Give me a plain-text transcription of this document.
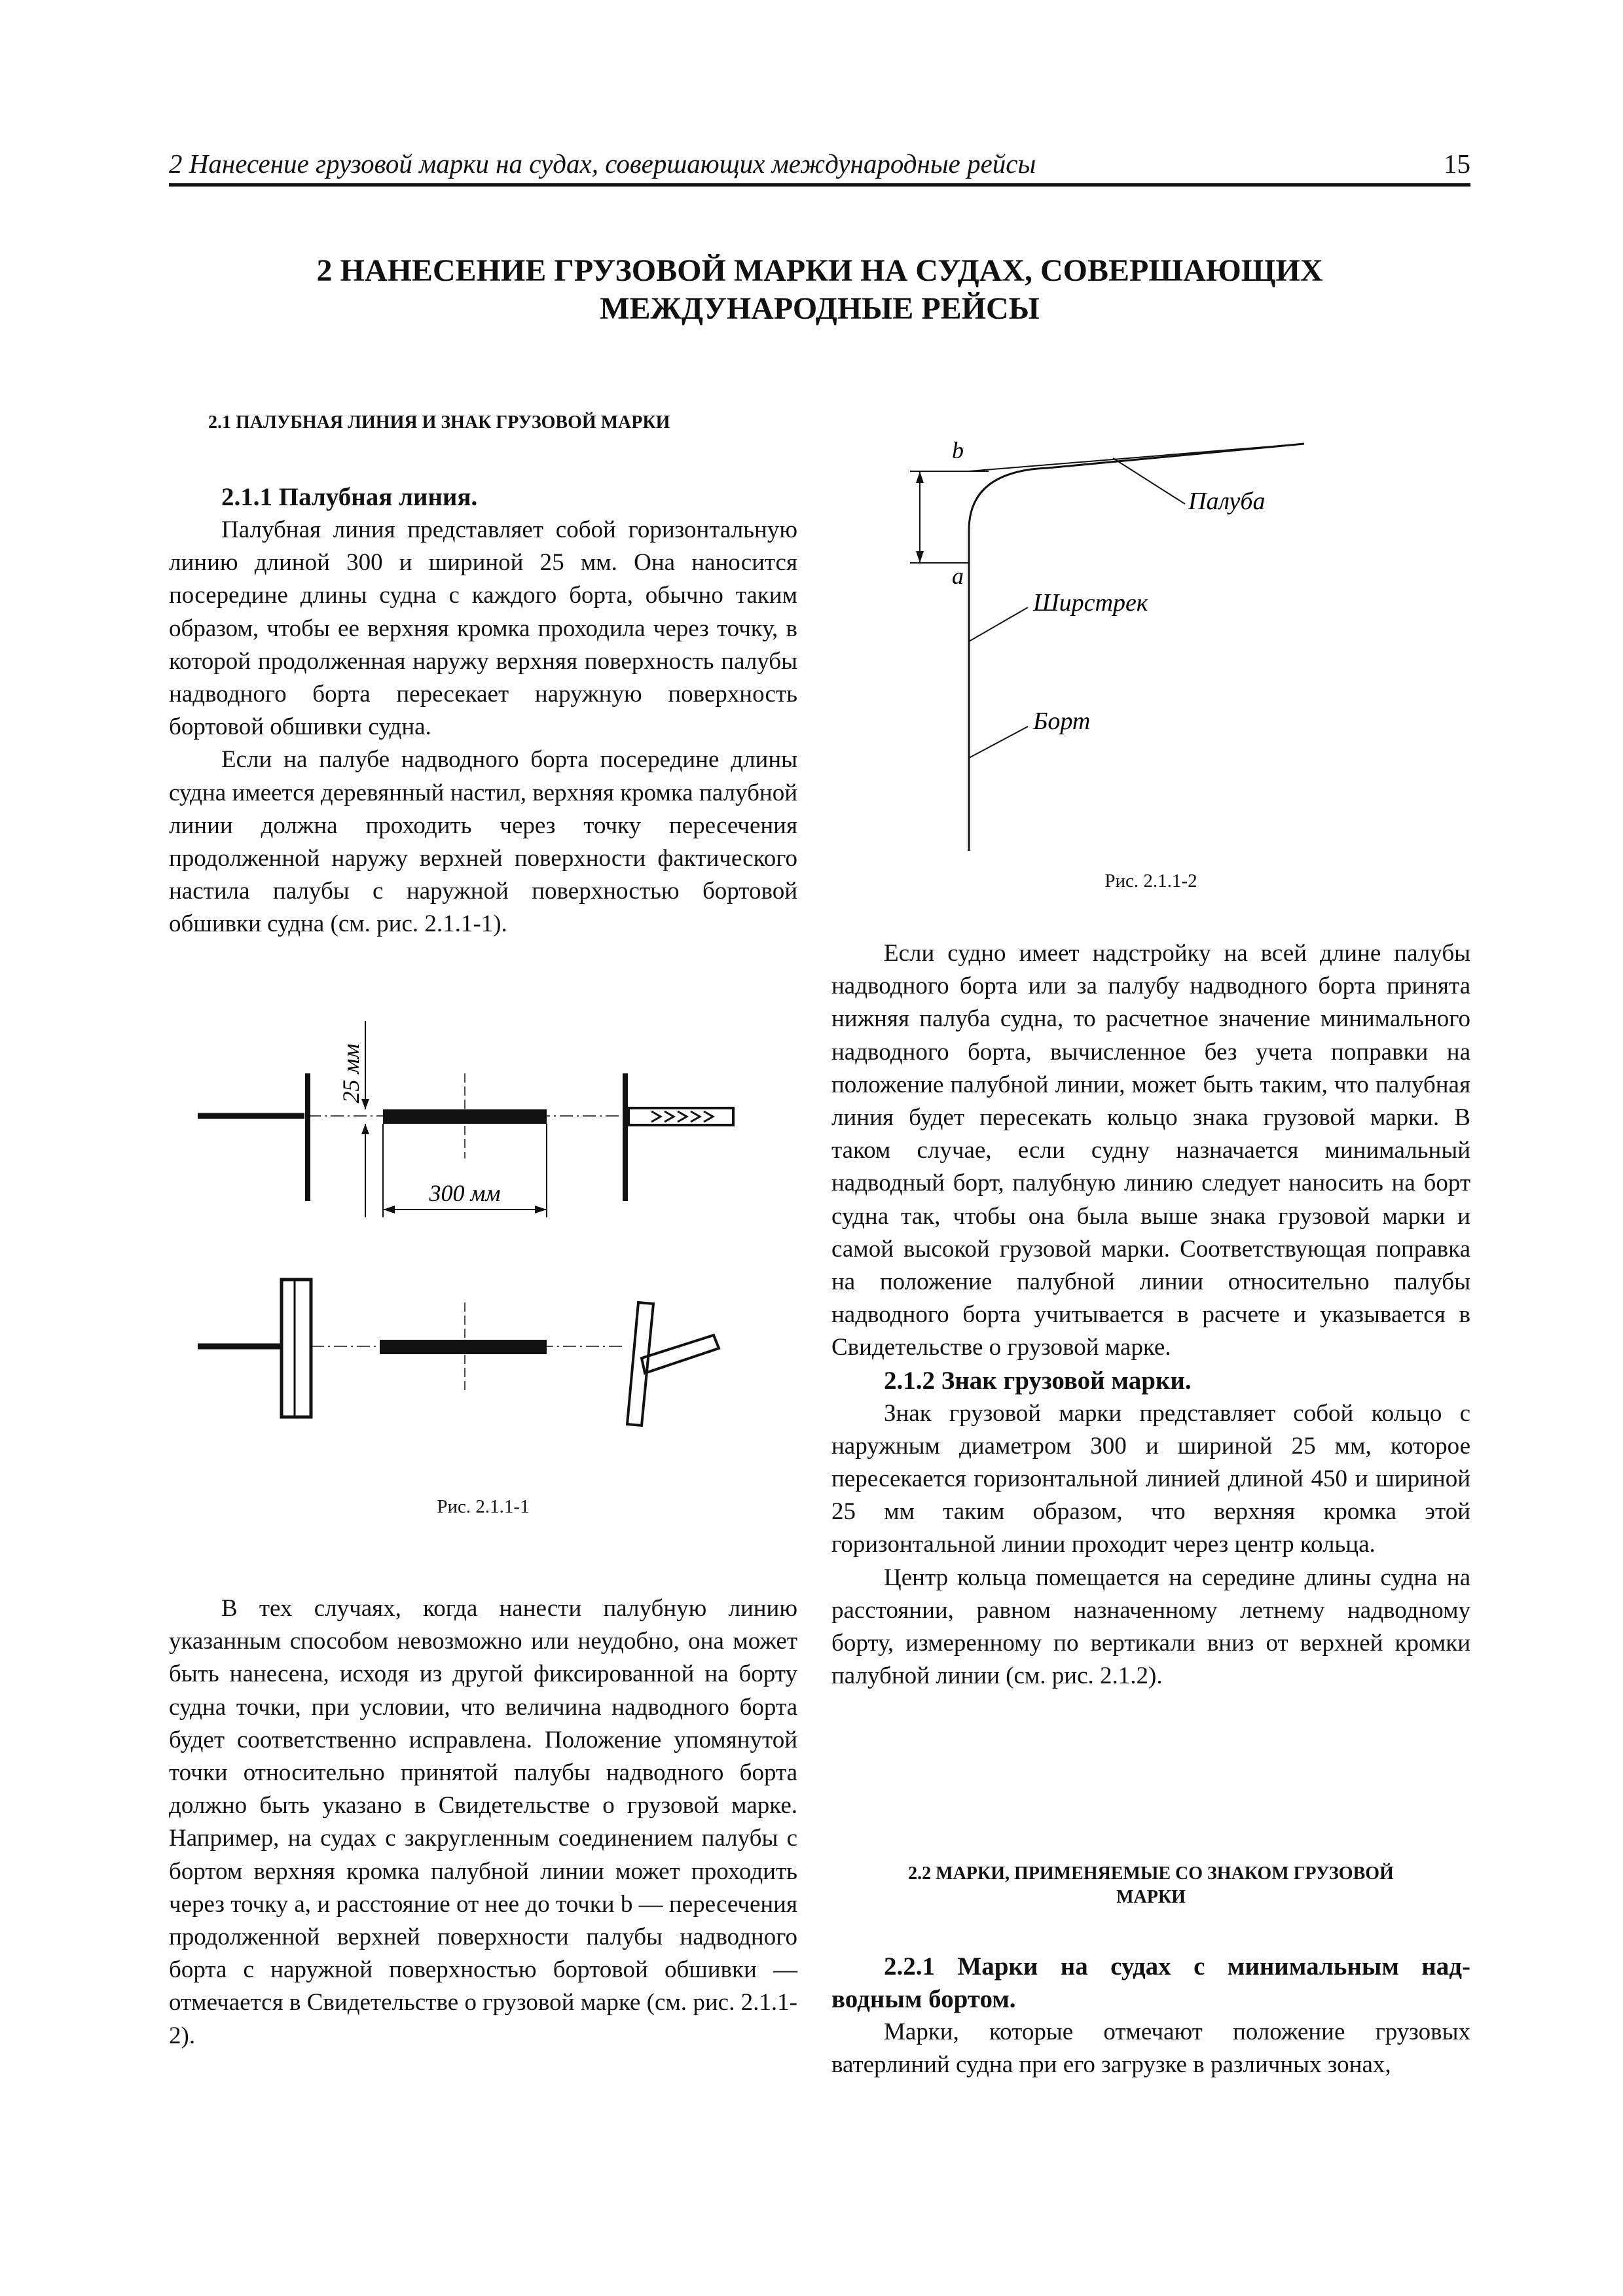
2 Нанесение грузовой марки на судах, совершающих международные рейсы	15
2 НАНЕСЕНИЕ ГРУЗОВОЙ МАРКИ НА СУДАХ, СОВЕРШАЮЩИХ
МЕЖДУНАРОДНЫЕ РЕЙСЫ
2.1 ПАЛУБНАЯ ЛИНИЯ И ЗНАК ГРУЗОВОЙ МАРКИ

2.1.1 Палубная линия.

Палубная линия представляет собой горизонтальную линию длиной 300 и шириной 25 мм. Она наносится посередине длины судна с каждого борта, обычно таким образом, чтобы ее верхняя кромка проходила через точку, в которой продолженная наружу верхняя поверхность палубы надводного борта пересекает наружную поверхность бортовой обшивки судна.

Если на палубе надводного борта посередине длины судна имеется деревянный настил, верхняя кромка палубной линии должна проходить через точку пересечения продолженной наружу верхней поверхности фактического настила палубы с наружной поверхностью бортовой обшивки судна (см. рис. 2.1.1-1).

25 мм
300 мм
Рис. 2.1.1-1

В тех случаях, когда нанести палубную линию указанным способом невозможно или неудобно, она может быть нанесена, исходя из другой фиксированной на борту судна точки, при условии, что величина надводного борта будет соответственно исправлена. Положение упомянутой точки относительно принятой палубы надводного борта должно быть указано в Свидетельстве о грузовой марке. Например, на судах с закругленным соединением палубы с бортом верхняя кромка палубной линии может проходить через точку a, и расстояние от нее до точки b — пересечения продолженной верхней поверхности палубы надводного борта с наружной поверхностью бортовой обшивки — отмечается в Свидетельстве о грузовой марке (см. рис. 2.1.1-2).

b
a
Палуба
Ширстрек
Борт
Рис. 2.1.1-2

Если судно имеет надстройку на всей длине палубы надводного борта или за палубу надводного борта принята нижняя палуба судна, то расчетное значение минимального надводного борта, вычисленное без учета поправки на положение палубной линии, может быть таким, что палубная линия будет пересекать кольцо знака грузовой марки. В таком случае, если судну назначается минимальный надводный борт, палубную линию следует наносить на борт судна так, чтобы она была выше знака грузовой марки и самой высокой грузовой марки. Соответствующая поправка на положение палубной линии относительно палубы надводного борта учитывается в расчете и указывается в Свидетельстве о грузовой марке.

2.1.2 Знак грузовой марки.

Знак грузовой марки представляет собой кольцо с наружным диаметром 300 и шириной 25 мм, которое пересекается горизонтальной линией длиной 450 и шириной 25 мм таким образом, что верхняя кромка этой горизонтальной линии проходит через центр кольца.

Центр кольца помещается на середине длины судна на расстоянии, равном назначенному летнему надводному борту, измеренному по вертикали вниз от верхней кромки палубной линии (см. рис. 2.1.2).

2.2 МАРКИ, ПРИМЕНЯЕМЫЕ СО ЗНАКОМ ГРУЗОВОЙ
МАРКИ

2.2.1 Марки на судах с минимальным над-

водным бортом.

Марки, которые отмечают положение грузовых ватерлиний судна при его загрузке в различных зонах,
